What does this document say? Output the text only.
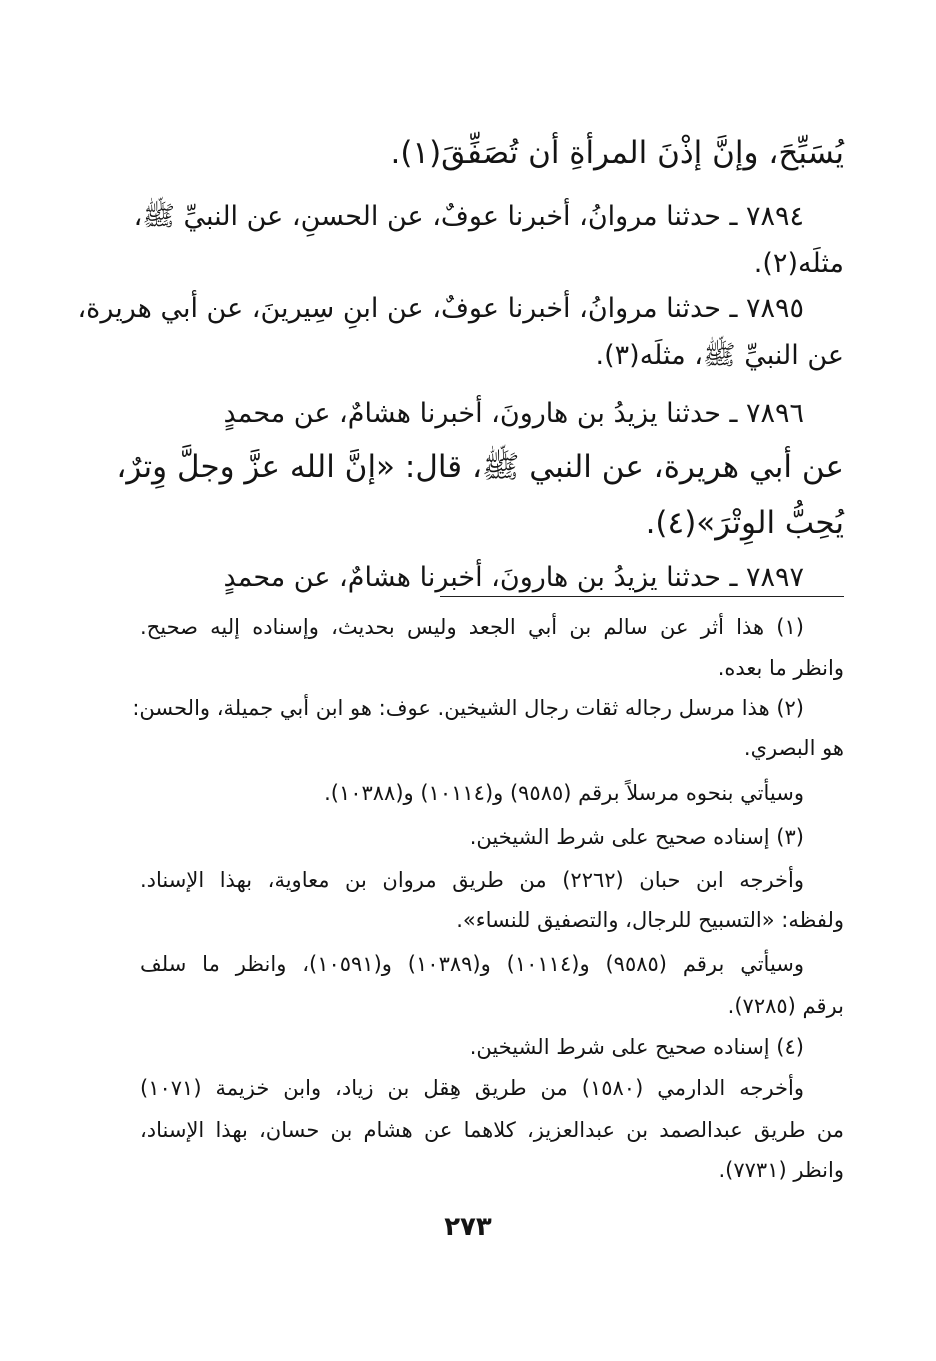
يُسَبِّحَ، وإنَّ إذْنَ المرأةِ أن تُصَفِّقَ(١).
٧٨٩٤ ـ حدثنا مروانُ، أخبرنا عوفٌ، عن الحسنِ، عن النبيِّ ﷺ،
مثلَه(٢).
٧٨٩٥ ـ حدثنا مروانُ، أخبرنا عوفٌ، عن ابنِ سِيرينَ، عن أبي هريرة،
عن النبيِّ ﷺ، مثلَه(٣).
٧٨٩٦ ـ حدثنا يزيدُ بن هارونَ، أخبرنا هشامٌ، عن محمدٍ
عن أبي هريرة، عن النبي ﷺ، قال: «إنَّ الله عزَّ وجلَّ وِترٌ،
يُحِبُّ الوِتْرَ»(٤).
٧٨٩٧ ـ حدثنا يزيدُ بن هارونَ، أخبرنا هشامٌ، عن محمدٍ
(١) هذا أثر عن سالم بن أبي الجعد وليس بحديث، وإسناده إليه صحيح.
وانظر ما بعده.
(٢) هذا مرسل رجاله ثقات رجال الشيخين. عوف: هو ابن أبي جميلة، والحسن:
هو البصري.
وسيأتي بنحوه مرسلاً برقم (٩٥٨٥) و(١٠١١٤) و(١٠٣٨٨).
(٣) إسناده صحيح على شرط الشيخين.
وأخرجه ابن حبان (٢٢٦٢) من طريق مروان بن معاوية، بهذا الإسناد.
ولفظه: «التسبيح للرجال، والتصفيق للنساء».
وسيأتي برقم (٩٥٨٥) و(١٠١١٤) و(١٠٣٨٩) و(١٠٥٩١)، وانظر ما سلف
برقم (٧٢٨٥).
(٤) إسناده صحيح على شرط الشيخين.
وأخرجه الدارمي (١٥٨٠) من طريق هِقل بن زياد، وابن خزيمة (١٠٧١)
من طريق عبدالصمد بن عبدالعزيز، كلاهما عن هشام بن حسان، بهذا الإسناد،
وانظر (٧٧٣١).
٢٧٣
